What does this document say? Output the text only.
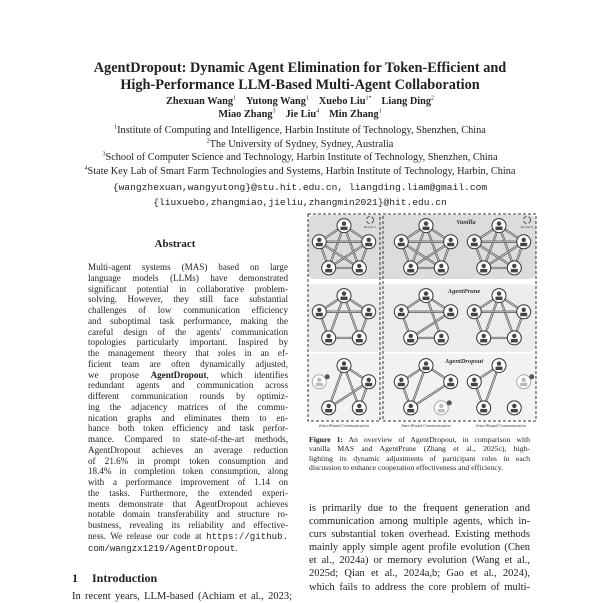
AgentDropout: Dynamic Agent Elimination for Token-Efficient and
High-Performance LLM-Based Multi-Agent Collaboration
Zhexuan Wang$^1$ Yutong Wang$^1$ Xuebo Liu$^{1*}$ Liang Ding$^2$
Miao Zhang$^3$ Jie Liu$^4$ Min Zhang$^1$
$^1$Institute of Computing and Intelligence, Harbin Institute of Technology, Shenzhen, China
$^2$The University of Sydney, Sydney, Australia
$^3$School of Computer Science and Technology, Harbin Institute of Technology, Shenzhen, China
$^4$State Key Lab of Smart Farm Technologies and Systems, Harbin Institute of Technology, Harbin, China
{wangzhexuan,wangyutong}@stu.hit.edu.cn, liangding.liam@gmail.com
{liuxuebo,zhangmiao,jieliu,zhangmin2021}@hit.edu.cn
Abstract
Multi-agent systems (MAS) based on large
language models (LLMs) have demonstrated
significant potential in collaborative problem-
solving. However, they still face substantial
challenges of low communication efficiency
and suboptimal task performance, making the
careful design of the agents' communication
topologies particularly important. Inspired by
the management theory that roles in an ef-
ficient team are often dynamically adjusted,
we propose AgentDropout, which identifies
redundant agents and communication across
different communication rounds by optimiz-
ing the adjacency matrices of the commu-
nication graphs and eliminates them to en-
hance both token efficiency and task perfor-
mance. Compared to state-of-the-art methods,
AgentDropout achieves an average reduction
of 21.6% in prompt token consumption and
18.4% in completion token consumption, along
with a performance improvement of 1.14 on
the tasks. Furthermore, the extended experi-
ments demonstrate that AgentDropout achieves
notable domain transferability and structure ro-
bustness, revealing its reliability and effective-
ness. We release our code at https://github.
com/wangzx1219/AgentDropout.
1 Introduction
In recent years, LLM-based (Achiam et al., 2023;
Vanilla
AgentPrune
AgentDropout
Round 1	Round 2
Intra-Round Communication	Inter-Round Communication	Intra-Round Communication
Figure 1: An overview of AgentDropout, in comparison with
vanilla MAS and AgentPrune (Zhang et al., 2025c), high-
lighting its dynamic adjustments of participant roles in each
discussion to enhance cooperation effectiveness and efficiency.
is primarily due to the frequent generation and
communication among multiple agents, which in-
curs substantial token overhead. Existing methods
mainly apply simple agent profile evolution (Chen
et al., 2024a) or memory evolution (Wang et al.,
2025d; Qian et al., 2024a,b; Gao et al., 2024),
which fails to address the core problem of multi-
